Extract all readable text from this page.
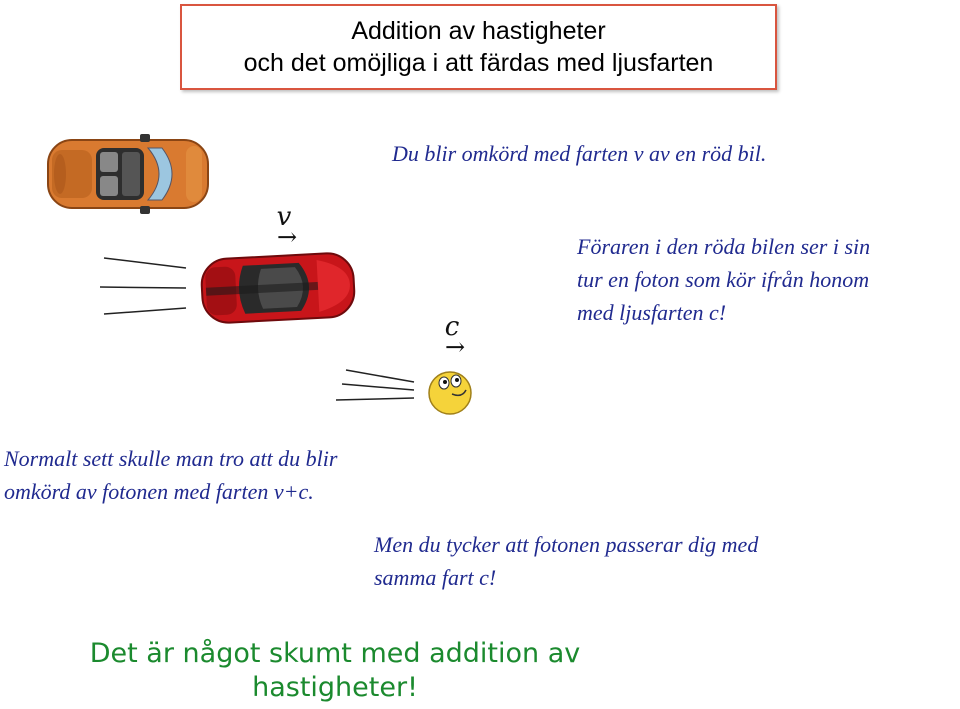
Addition av hastigheter
och det omöjliga i att färdas med ljusfarten
v
→
c
→
Du blir omkörd med farten v av en röd bil.
Föraren i den röda bilen ser i sin
tur en foton som kör ifrån honom
med ljusfarten c!
Normalt sett skulle man tro att du blir
omkörd av fotonen med farten v+c.
Men du tycker att fotonen passerar dig med
samma fart c!
Det är något skumt med addition av
hastigheter!
